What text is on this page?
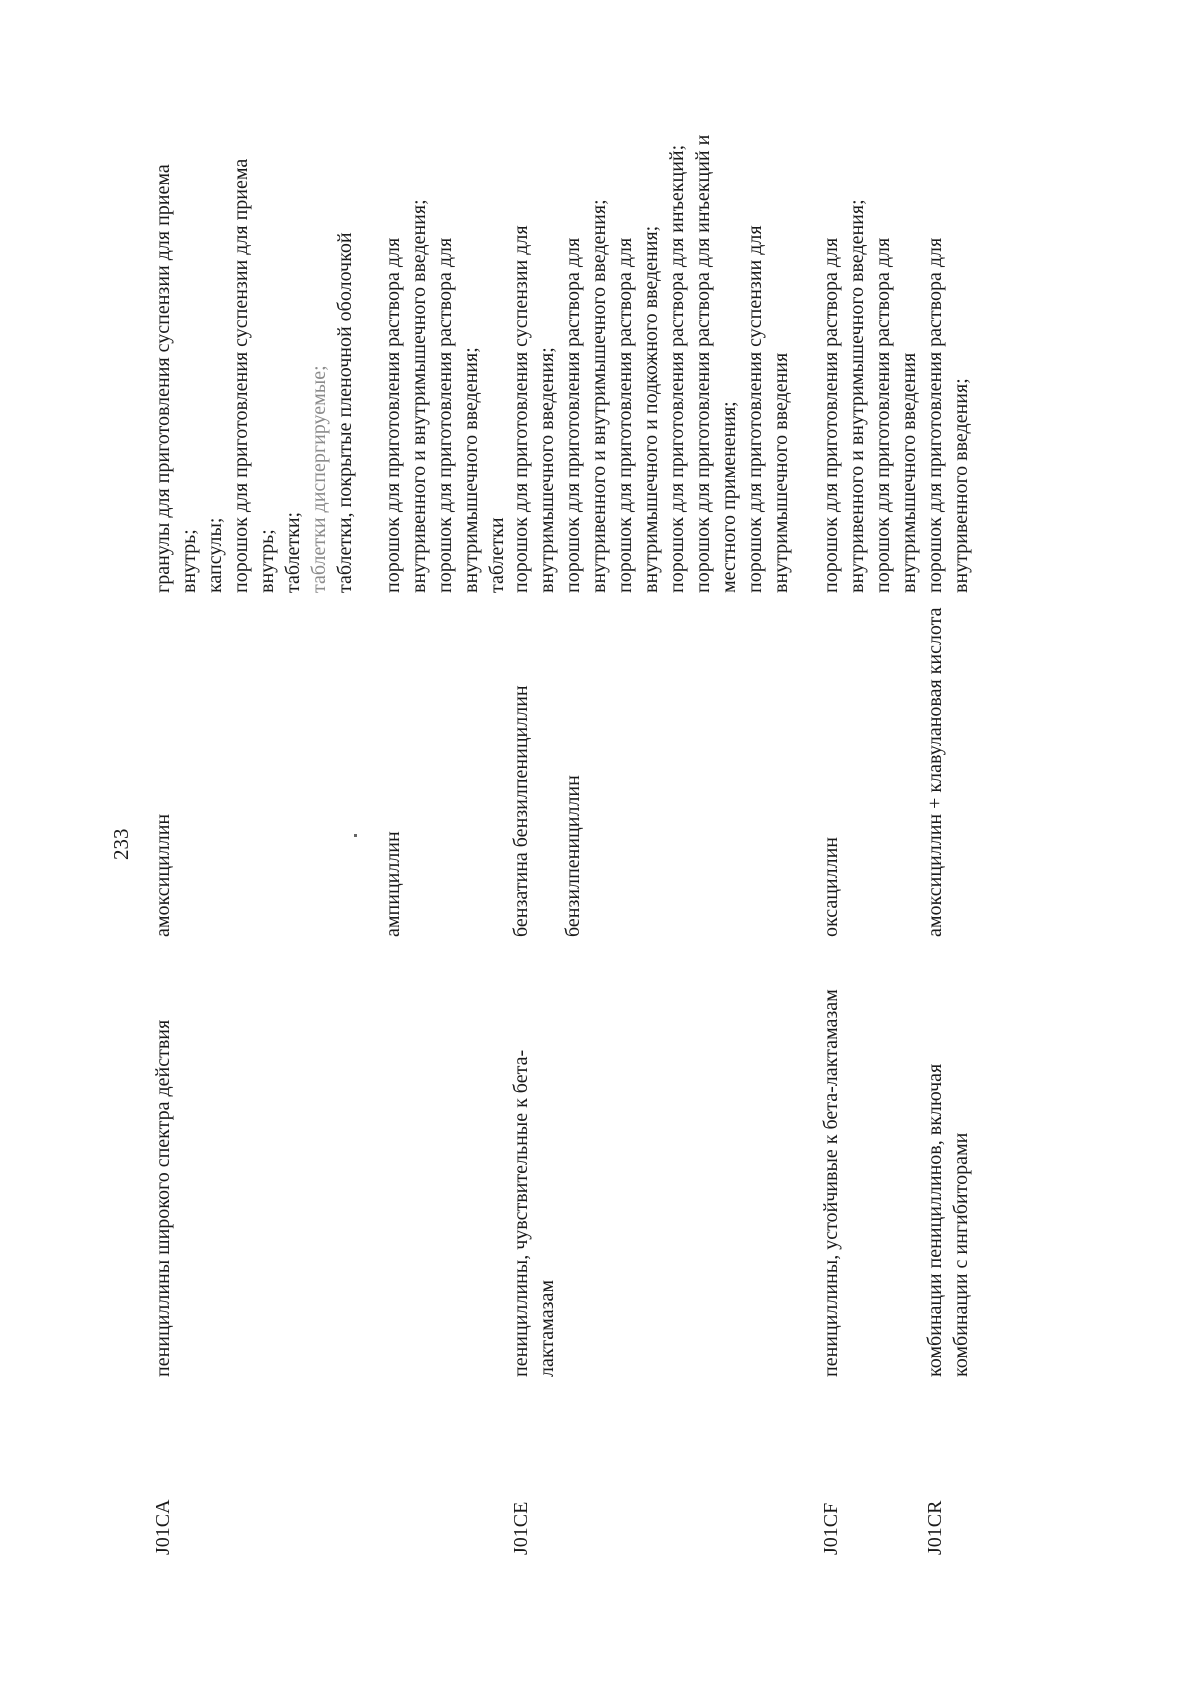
233
J01CA
пенициллины широкого спектра действия
амоксициллин
гранулы для приготовления суспензии для приема внутрь; капсулы; порошок для приготовления суспензии для приема внутрь; таблетки; таблетки диспергируемые; таблетки, покрытые пленочной оболочкой
ампициллин
порошок для приготовления раствора для внутривенного и внутримышечного введения; порошок для приготовления раствора для внутримышечного введения; таблетки
J01CE
пенициллины, чувствительные к бета-лактамазам
бензатина бензилпенициллин
порошок для приготовления суспензии для внутримышечного введения;
бензилпенициллин
порошок для приготовления раствора для внутривенного и внутримышечного введения; порошок для приготовления раствора для внутримышечного и подкожного введения; порошок для приготовления раствора для инъекций; порошок для приготовления раствора для инъекций и местного применения; порошок для приготовления суспензии для внутримышечного введения
J01CF
пенициллины, устойчивые к бета-лактамазам
оксациллин
порошок для приготовления раствора для внутривенного и внутримышечного введения; порошок для приготовления раствора для внутримышечного введения
J01CR
комбинации пенициллинов, включая комбинации с ингибиторами
амоксициллин + клавулановая кислота
порошок для приготовления раствора для внутривенного введения;
